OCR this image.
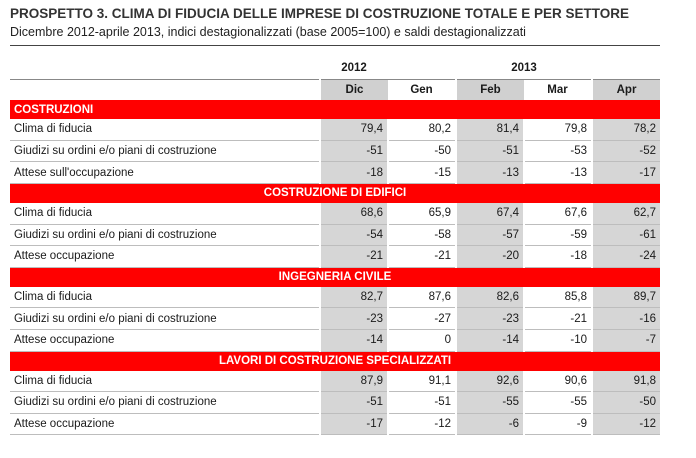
PROSPETTO 3. CLIMA DI FIDUCIA DELLE IMPRESE DI COSTRUZIONE TOTALE E PER SETTORE
Dicembre 2012-aprile 2013, indici destagionalizzati (base 2005=100) e saldi destagionalizzati
	2012	2013			
	Dic	Gen	Feb	Mar	Apr
COSTRUZIONI					
Clima di fiducia	79,4	80,2	81,4	79,8	78,2
Giudizi su ordini e/o piani di costruzione	-51	-50	-51	-53	-52
Attese sull'occupazione	-18	-15	-13	-13	-17
COSTRUZIONE DI EDIFICI					
Clima di fiducia	68,6	65,9	67,4	67,6	62,7
Giudizi su ordini e/o piani di costruzione	-54	-58	-57	-59	-61
Attese occupazione	-21	-21	-20	-18	-24
INGEGNERIA CIVILE					
Clima di fiducia	82,7	87,6	82,6	85,8	89,7
Giudizi su ordini e/o piani di costruzione	-23	-27	-23	-21	-16
Attese occupazione	-14	0	-14	-10	-7
LAVORI DI COSTRUZIONE SPECIALIZZATI					
Clima di fiducia	87,9	91,1	92,6	90,6	91,8
Giudizi su ordini e/o piani di costruzione	-51	-51	-55	-55	-50
Attese occupazione	-17	-12	-6	-9	-12
